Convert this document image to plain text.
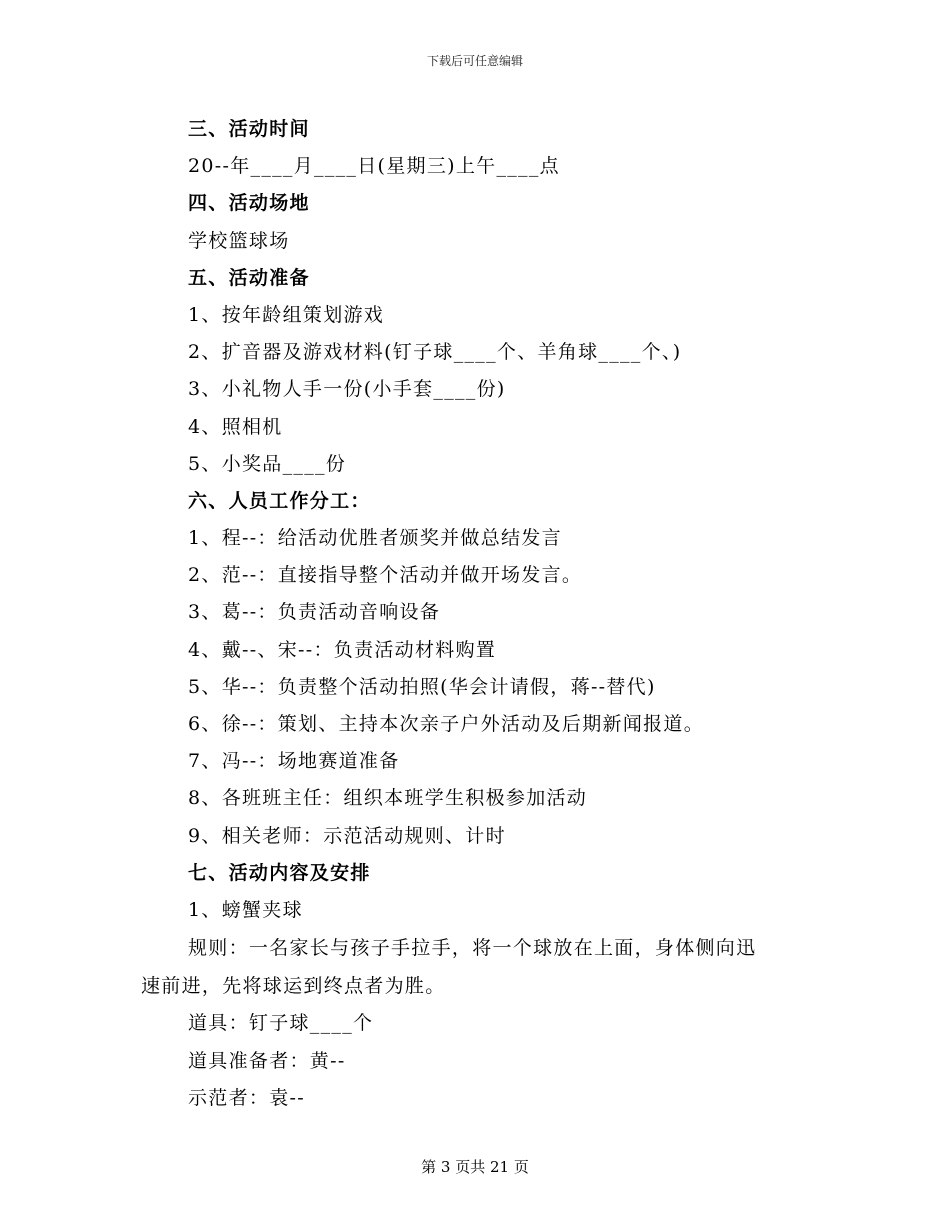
下载后可任意编辑
三、活动时间
20--年____月____日(星期三)上午____点
四、活动场地
学校篮球场
五、活动准备
1、按年龄组策划游戏
2、扩音器及游戏材料(钉子球____个、羊角球____个、)
3、小礼物人手一份(小手套____份)
4、照相机
5、小奖品____份
六、人员工作分工：
1、程--：给活动优胜者颁奖并做总结发言
2、范--：直接指导整个活动并做开场发言。
3、葛--：负责活动音响设备
4、戴--、宋--：负责活动材料购置
5、华--：负责整个活动拍照(华会计请假，蒋--替代)
6、徐--：策划、主持本次亲子户外活动及后期新闻报道。
7、冯--：场地赛道准备
8、各班班主任：组织本班学生积极参加活动
9、相关老师：示范活动规则、计时
七、活动内容及安排
1、螃蟹夹球
规则：一名家长与孩子手拉手，将一个球放在上面，身体侧向迅
速前进，先将球运到终点者为胜。
道具：钉子球____个
道具准备者：黄--
示范者：袁--
第 3 页共 21 页
